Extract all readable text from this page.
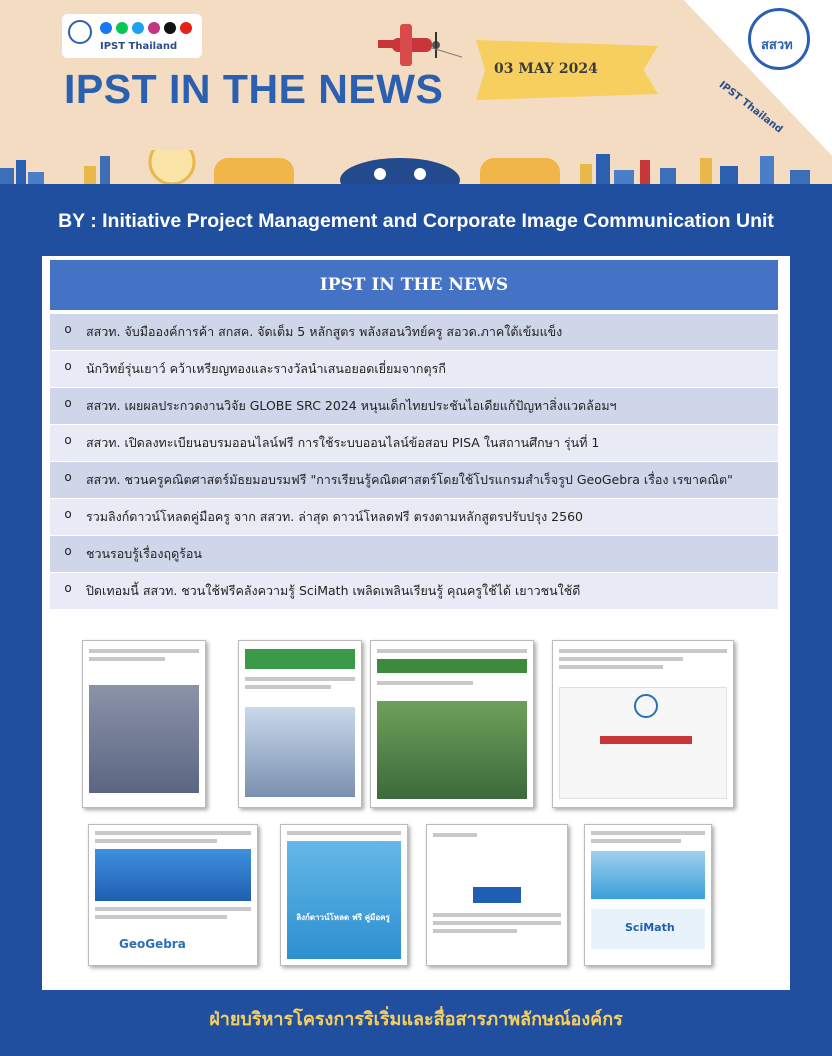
IPST Thailand
03 MAY 2024
IPST IN THE NEWS
สสวท
IPST Thailand
BY : Initiative Project Management and Corporate Image Communication Unit
IPST IN THE NEWS
o	สสวท. จับมือองค์การค้า สกสค. จัดเต็ม 5 หลักสูตร พลังสอนวิทย์ครู สอวด.ภาคใต้เข้มแข็ง
o	นักวิทย์รุ่นเยาว์ คว้าเหรียญทองและรางวัลนำเสนอยอดเยี่ยมจากตุรกี
o	สสวท. เผยผลประกวดงานวิจัย GLOBE SRC 2024 หนุนเด็กไทยประชันไอเดียแก้ปัญหาสิ่งแวดล้อมฯ
o	สสวท. เปิดลงทะเบียนอบรมออนไลน์ฟรี การใช้ระบบออนไลน์ข้อสอบ PISA ในสถานศึกษา รุ่นที่ 1
o	สสวท. ชวนครูคณิตศาสตร์มัธยมอบรมฟรี "การเรียนรู้คณิตศาสตร์โดยใช้โปรแกรมสำเร็จรูป GeoGebra เรื่อง เรขาคณิต"
o	รวมลิงก์ดาวน์โหลดคู่มือครู จาก สสวท. ล่าสุด ดาวน์โหลดฟรี ตรงตามหลักสูตรปรับปรุง 2560
o	ชวนรอบรู้เรื่องฤดูร้อน
o	ปิดเทอมนี้ สสวท. ชวนใช้ฟรีคลังความรู้ SciMath เพลิดเพลินเรียนรู้ คุณครูใช้ได้ เยาวชนใช้ดี
GeoGebra
ลิงก์ดาวน์โหลด ฟรี คู่มือครู
SciMath
ฝ่ายบริหารโครงการริเริ่มและสื่อสารภาพลักษณ์องค์กร
